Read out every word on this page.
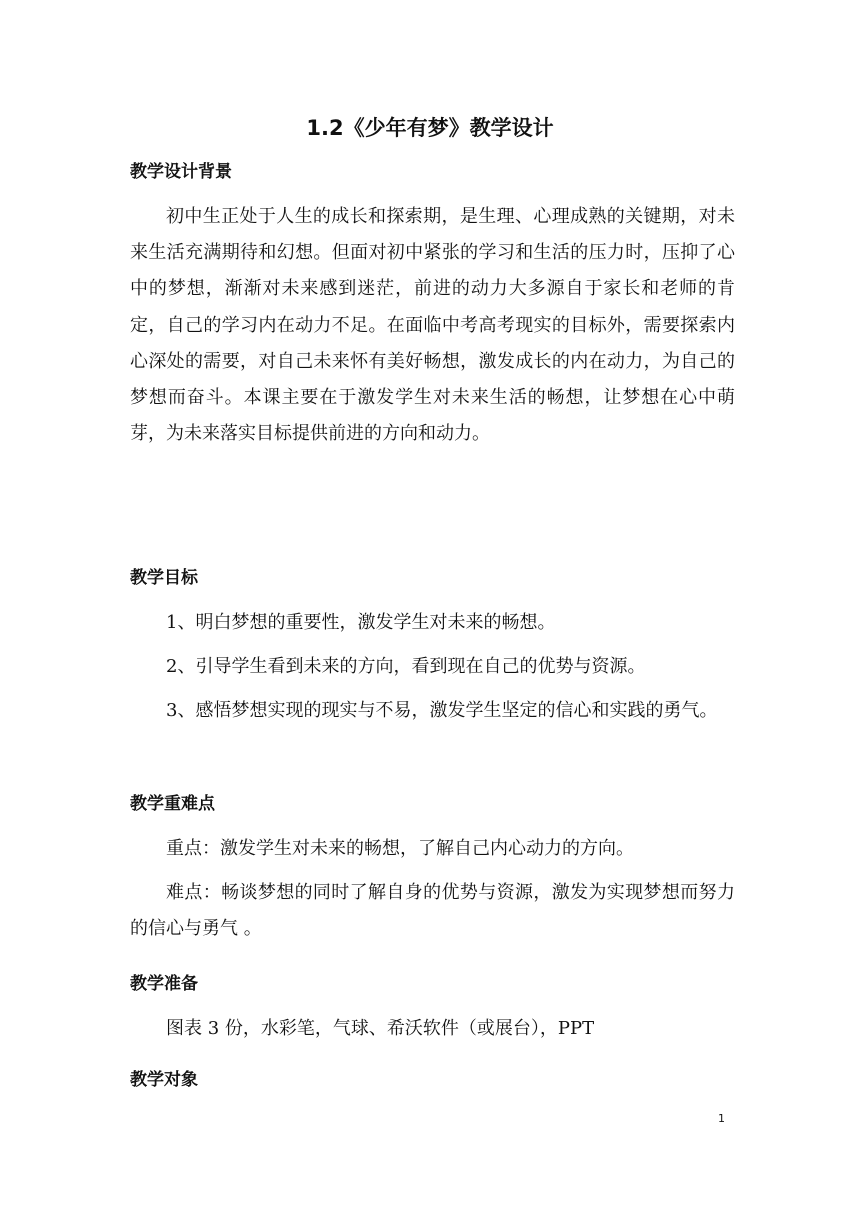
1.2《少年有梦》教学设计
教学设计背景

初中生正处于人生的成长和探索期，是生理、心理成熟的关键期，对未来生活充满期待和幻想。但面对初中紧张的学习和生活的压力时，压抑了心中的梦想，渐渐对未来感到迷茫，前进的动力大多源自于家长和老师的肯定，自己的学习内在动力不足。在面临中考高考现实的目标外，需要探索内心深处的需要，对自己未来怀有美好畅想，激发成长的内在动力，为自己的梦想而奋斗。本课主要在于激发学生对未来生活的畅想，让梦想在心中萌芽，为未来落实目标提供前进的方向和动力。

教学目标

1、明白梦想的重要性，激发学生对未来的畅想。

2、引导学生看到未来的方向，看到现在自己的优势与资源。

3、感悟梦想实现的现实与不易，激发学生坚定的信心和实践的勇气。

教学重难点

重点：激发学生对未来的畅想，了解自己内心动力的方向。

难点：畅谈梦想的同时了解自身的优势与资源，激发为实现梦想而努力的信心与勇气 。

教学准备

图表 3 份，水彩笔，气球、希沃软件（或展台），PPT

教学对象
1
